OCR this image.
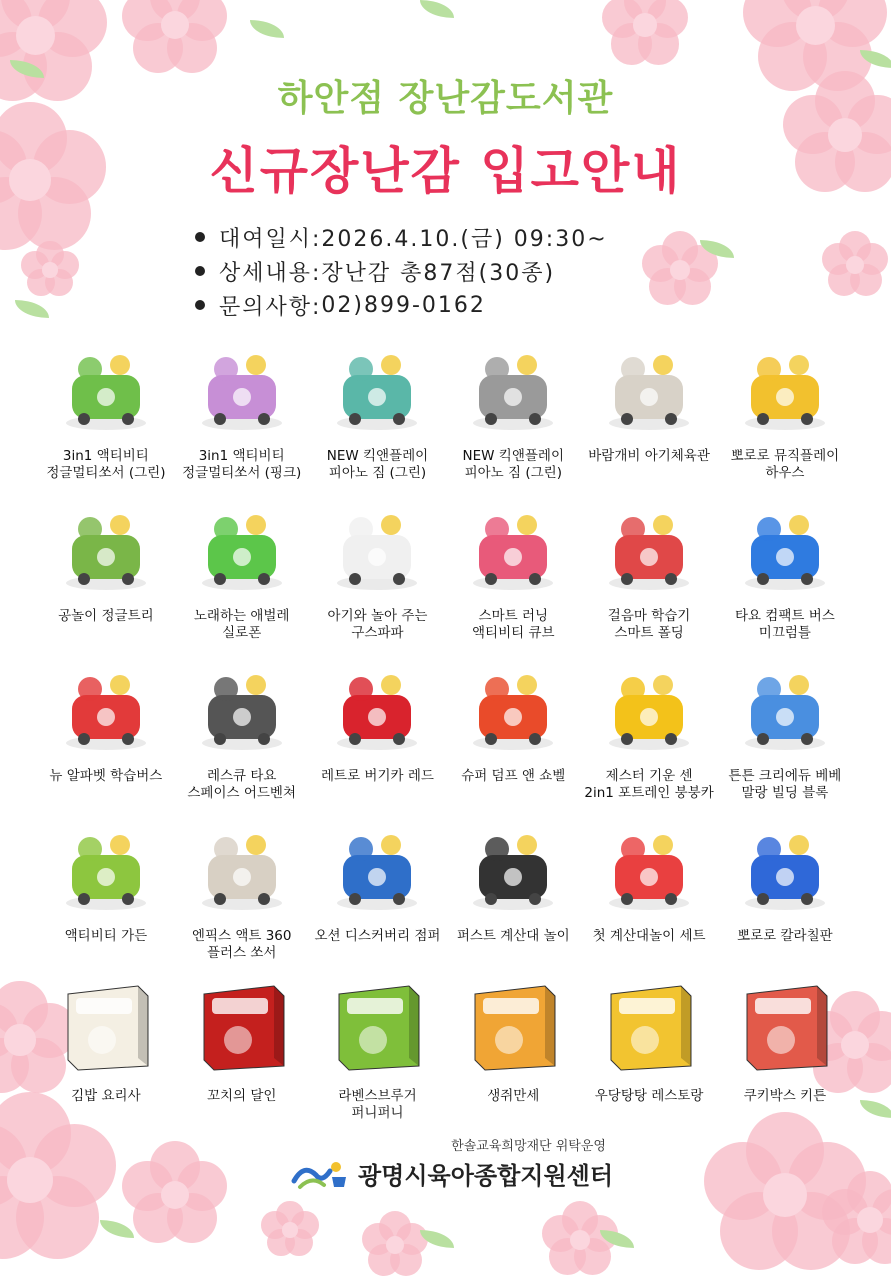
하안점 장난감도서관
신규장난감 입고안내
대여일시: 2026.4.10.(금) 09:30~
상세내용: 장난감 총87점(30종)
문의사항: 02)899-0162
3in1 액티비티
정글멀티쏘서 (그린)
3in1 액티비티
정글멀티쏘서 (핑크)
NEW 킥앤플레이
피아노 짐 (그린)
NEW 킥앤플레이
피아노 짐 (그린)
바람개비 아기체육관	뽀로로 뮤직플레이
하우스
공놀이 정글트리	노래하는 애벌레
실로폰
아기와 놀아 주는
구스파파
스마트 러닝
액티비티 큐브
걸음마 학습기
스마트 폴딩
타요 컴팩트 버스
미끄럼틀
뉴 알파벳 학습버스	레스큐 타요
스페이스 어드벤쳐
레트로 버기카 레드	슈퍼 덤프 앤 쇼벨	제스터 기운 센
2in1 포트레인 붕붕카
튼튼 크리에듀 베베
말랑 빌딩 블록
액티비티 가든	엔픽스 액트 360
플러스 쏘서
오션 디스커버리 점퍼	퍼스트 계산대 놀이	첫 계산대놀이 세트	뽀로로 칼라칠판
김밥 요리사	꼬치의 달인	라벤스브루거
퍼니퍼니
생쥐만세	우당탕탕 레스토랑	쿠키박스 키튼
한솔교육희망재단 위탁운영
광명시육아종합지원센터
